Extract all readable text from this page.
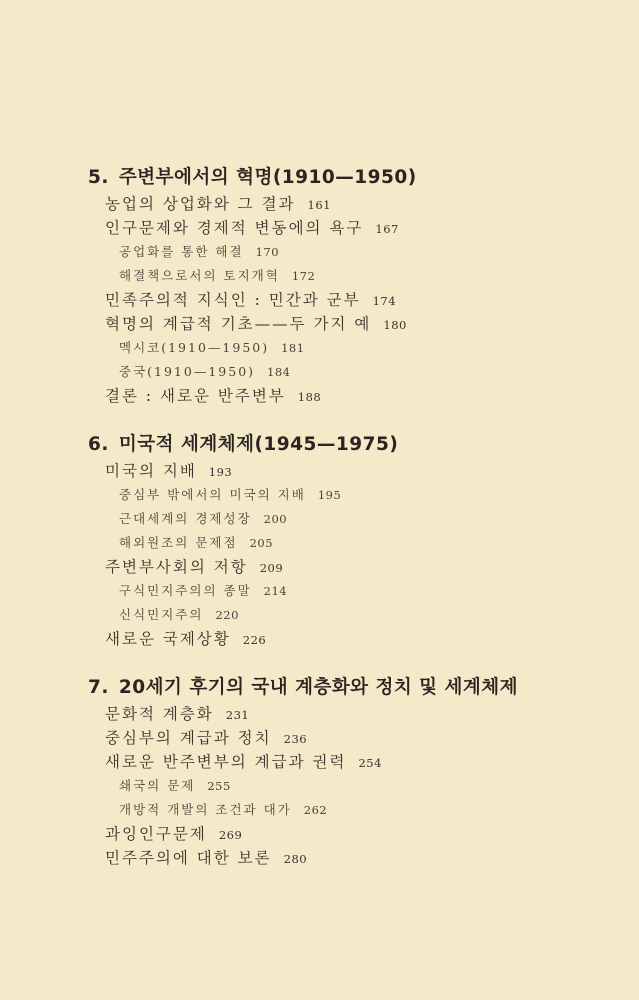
5. 주변부에서의 혁명(1910—1950)
농업의 상업화와 그 결과 161
인구문제와 경제적 변동에의 욕구 167
공업화를 통한 해결 170
해결책으로서의 토지개혁 172
민족주의적 지식인 : 민간과 군부 174
혁명의 계급적 기초——두 가지 예 180
멕시코(1910—1950) 181
중국(1910—1950) 184
결론 : 새로운 반주변부 188
6. 미국적 세계체제(1945—1975)
미국의 지배 193
중심부 밖에서의 미국의 지배 195
근대세계의 경제성장 200
해외원조의 문제점 205
주변부사회의 저항 209
구식민지주의의 종말 214
신식민지주의 220
새로운 국제상황 226
7. 20세기 후기의 국내 계층화와 정치 및 세계체제
문화적 계층화 231
중심부의 계급과 정치 236
새로운 반주변부의 계급과 권력 254
쇄국의 문제 255
개방적 개발의 조건과 대가 262
과잉인구문제 269
민주주의에 대한 보론 280
